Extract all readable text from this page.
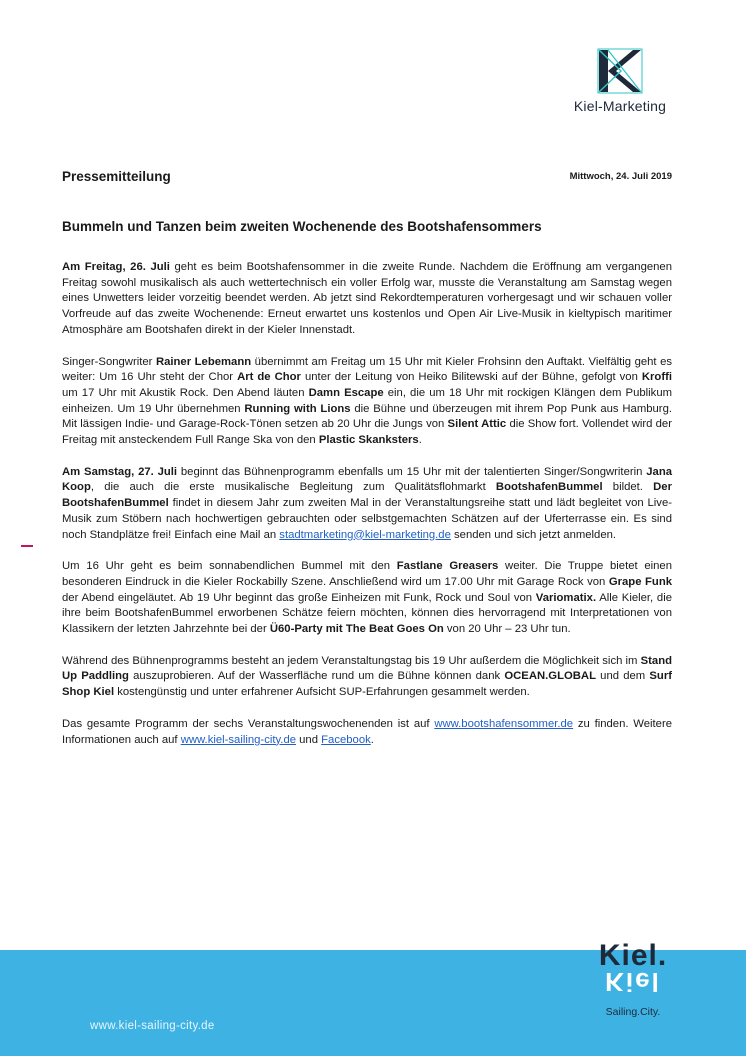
Kiel-Marketing
Pressemitteilung	Mittwoch, 24. Juli 2019
Bummeln und Tanzen beim zweiten Wochenende des Bootshafensommers

Am Freitag, 26. Juli geht es beim Bootshafensommer in die zweite Runde. Nachdem die Eröffnung am vergangenen Freitag sowohl musikalisch als auch wettertechnisch ein voller Erfolg war, musste die Veranstaltung am Samstag wegen eines Unwetters leider vorzeitig beendet werden. Ab jetzt sind Rekordtemperaturen vorhergesagt und wir schauen voller Vorfreude auf das zweite Wochenende: Erneut erwartet uns kostenlos und Open Air Live-Musik in kieltypisch maritimer Atmosphäre am Bootshafen direkt in der Kieler Innenstadt.

Singer-Songwriter Rainer Lebemann übernimmt am Freitag um 15 Uhr mit Kieler Frohsinn den Auftakt. Vielfältig geht es weiter: Um 16 Uhr steht der Chor Art de Chor unter der Leitung von Heiko Bilitewski auf der Bühne, gefolgt von Kroffi um 17 Uhr mit Akustik Rock. Den Abend läuten Damn Escape ein, die um 18 Uhr mit rockigen Klängen dem Publikum einheizen. Um 19 Uhr übernehmen Running with Lions die Bühne und überzeugen mit ihrem Pop Punk aus Hamburg. Mit lässigen Indie- und Garage-Rock-Tönen setzen ab 20 Uhr die Jungs von Silent Attic die Show fort. Vollendet wird der Freitag mit ansteckendem Full Range Ska von den Plastic Skanksters.

Am Samstag, 27. Juli beginnt das Bühnenprogramm ebenfalls um 15 Uhr mit der talentierten Singer/Songwriterin Jana Koop, die auch die erste musikalische Begleitung zum Qualitätsflohmarkt BootshafenBummel bildet. Der BootshafenBummel findet in diesem Jahr zum zweiten Mal in der Veranstaltungsreihe statt und lädt begleitet von Live-Musik zum Stöbern nach hochwertigen gebrauchten oder selbstgemachten Schätzen auf der Uferterrasse ein. Es sind noch Standplätze frei! Einfach eine Mail an stadtmarketing@kiel-marketing.de senden und sich jetzt anmelden.

Um 16 Uhr geht es beim sonnabendlichen Bummel mit den Fastlane Greasers weiter. Die Truppe bietet einen besonderen Eindruck in die Kieler Rockabilly Szene. Anschließend wird um 17.00 Uhr mit Garage Rock von Grape Funk der Abend eingeläutet. Ab 19 Uhr beginnt das große Einheizen mit Funk, Rock und Soul von Variomatix. Alle Kieler, die ihre beim BootshafenBummel erworbenen Schätze feiern möchten, können dies hervorragend mit Interpretationen von Klassikern der letzten Jahrzehnte bei der Ü60-Party mit The Beat Goes On von 20 Uhr – 23 Uhr tun.

Während des Bühnenprogramms besteht an jedem Veranstaltungstag bis 19 Uhr außerdem die Möglichkeit sich im Stand Up Paddling auszuprobieren. Auf der Wasserfläche rund um die Bühne können dank OCEAN.GLOBAL und dem Surf Shop Kiel kostengünstig und unter erfahrener Aufsicht SUP-Erfahrungen gesammelt werden.

Das gesamte Programm der sechs Veranstaltungswochenenden ist auf www.bootshafensommer.de zu finden. Weitere Informationen auch auf www.kiel-sailing-city.de und Facebook.

www.kiel-sailing-city.de
Kiel.
Kiel
Sailing.City.
